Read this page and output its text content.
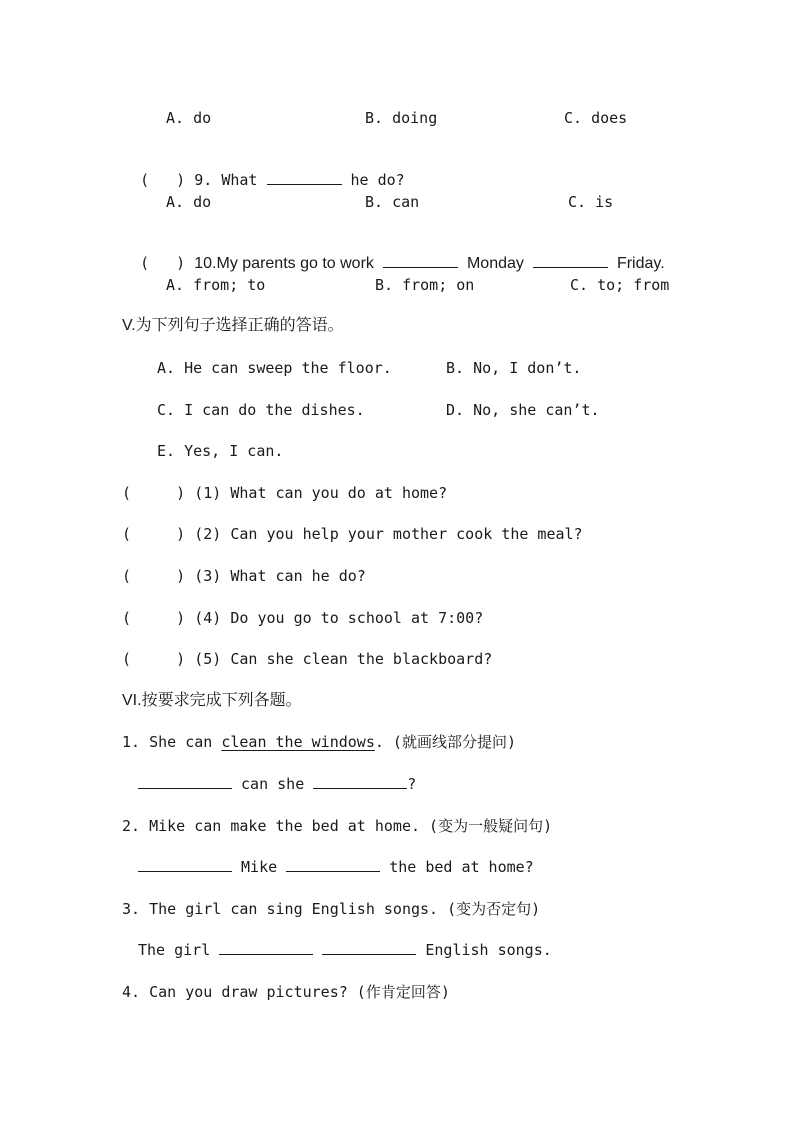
A. do	B. doing	C. does

(   ) 9. What	he do?

A. do	B. can	C. is

(   ) 10.My parents go to work	Monday	Friday.

A. from; to	B. from; on	C. to; from
V.为下列句子选择正确的答语。
A. He can sweep the floor.	B. No, I don’t.
C. I can do the dishes.	D. No, she can’t.
E. Yes, I can.
(     ) (1) What can you do at home?
(     ) (2) Can you help your mother cook the meal?
(     ) (3) What can he do?
(     ) (4) Do you go to school at 7:00?
(     ) (5) Can she clean the blackboard?
VI.按要求完成下列各题。
1. She can clean the windows. (就画线部分提问)
can she	?
2. Mike can make the bed at home. (变为一般疑问句)
Mike	the bed at home?
3. The girl can sing English songs. (变为否定句)
The girl	English songs.
4. Can you draw pictures? (作肯定回答)
